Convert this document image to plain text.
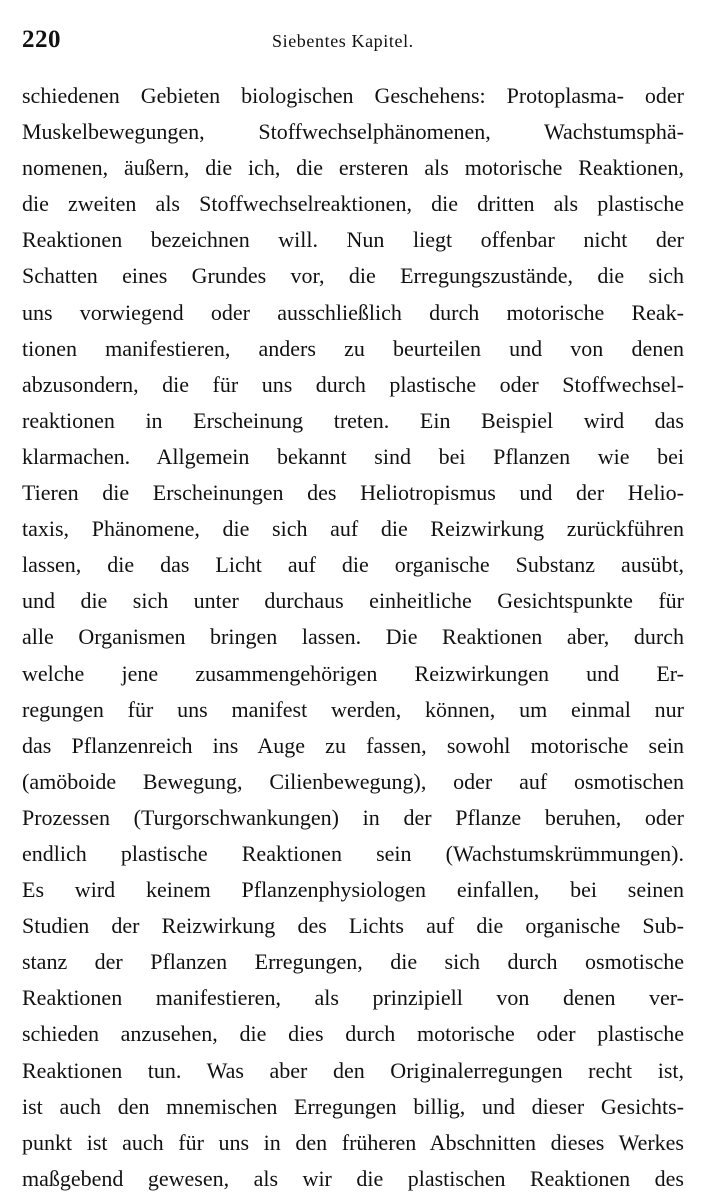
220	Siebentes Kapitel.
schiedenen Gebieten biologischen Geschehens: Protoplasma- oder
Muskelbewegungen, Stoffwechselphänomenen, Wachstumsphä-
nomenen, äußern, die ich, die ersteren als motorische Reaktionen,
die zweiten als Stoffwechselreaktionen, die dritten als plastische
Reaktionen bezeichnen will. Nun liegt offenbar nicht der
Schatten eines Grundes vor, die Erregungszustände, die sich
uns vorwiegend oder ausschließlich durch motorische Reak-
tionen manifestieren, anders zu beurteilen und von denen
abzusondern, die für uns durch plastische oder Stoffwechsel-
reaktionen in Erscheinung treten. Ein Beispiel wird das
klarmachen. Allgemein bekannt sind bei Pflanzen wie bei
Tieren die Erscheinungen des Heliotropismus und der Helio-
taxis, Phänomene, die sich auf die Reizwirkung zurückführen
lassen, die das Licht auf die organische Substanz ausübt,
und die sich unter durchaus einheitliche Gesichtspunkte für
alle Organismen bringen lassen. Die Reaktionen aber, durch
welche jene zusammengehörigen Reizwirkungen und Er-
regungen für uns manifest werden, können, um einmal nur
das Pflanzenreich ins Auge zu fassen, sowohl motorische sein
(amöboide Bewegung, Cilienbewegung), oder auf osmotischen
Prozessen (Turgorschwankungen) in der Pflanze beruhen, oder
endlich plastische Reaktionen sein (Wachstumskrümmungen).
Es wird keinem Pflanzenphysiologen einfallen, bei seinen
Studien der Reizwirkung des Lichts auf die organische Sub-
stanz der Pflanzen Erregungen, die sich durch osmotische
Reaktionen manifestieren, als prinzipiell von denen ver-
schieden anzusehen, die dies durch motorische oder plastische
Reaktionen tun. Was aber den Originalerregungen recht ist,
ist auch den mnemischen Erregungen billig, und dieser Gesichts-
punkt ist auch für uns in den früheren Abschnitten dieses Werkes
maßgebend gewesen, als wir die plastischen Reaktionen des
